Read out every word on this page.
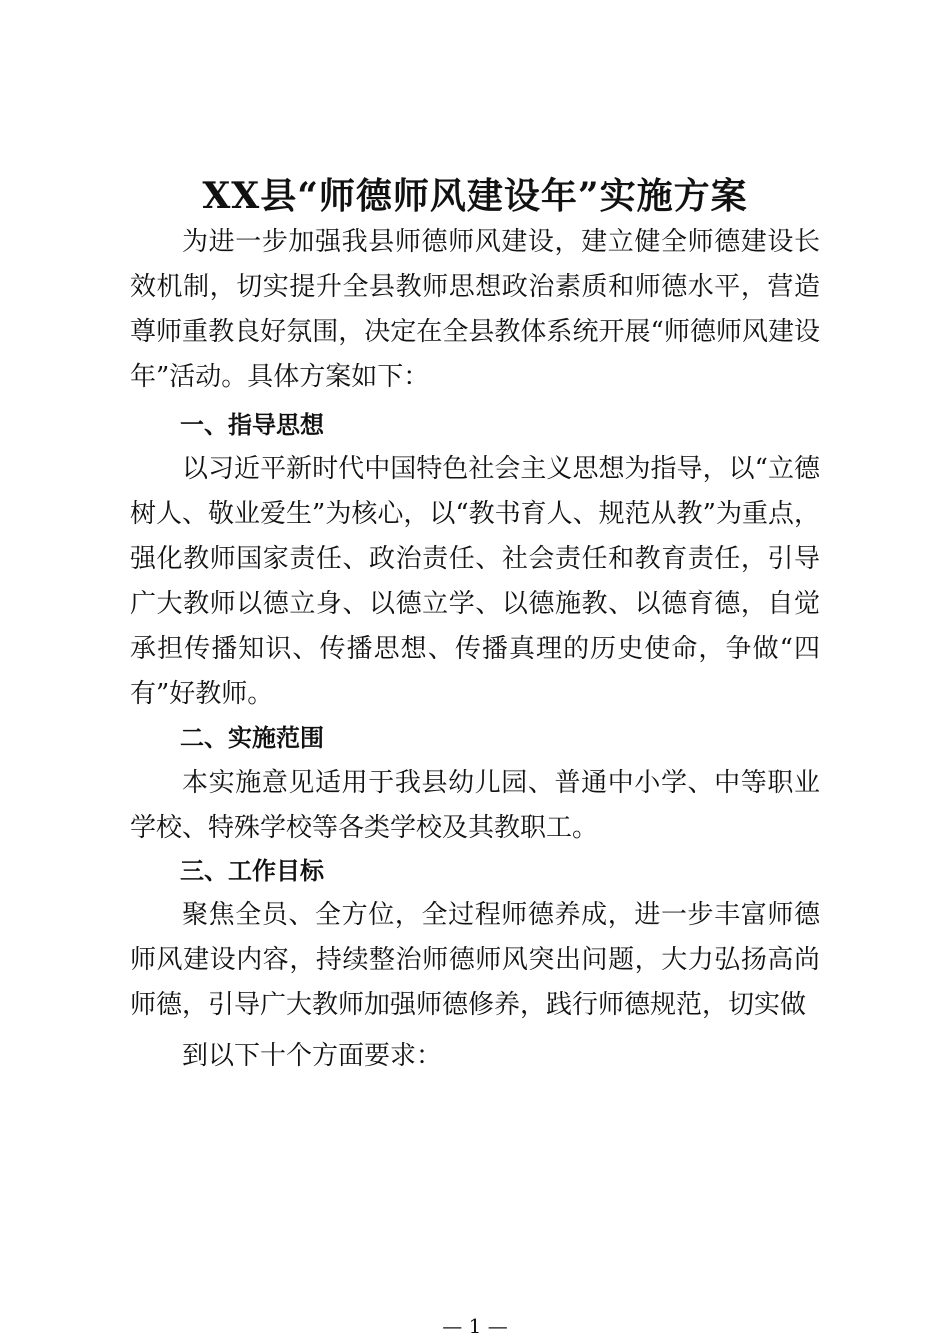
XX县“师德师风建设年”实施方案

为进一步加强我县师德师风建设，建立健全师德建设长效机制，切实提升全县教师思想政治素质和师德水平，营造尊师重教良好氛围，决定在全县教体系统开展“师德师风建设年”活动。具体方案如下：

一、指导思想

以习近平新时代中国特色社会主义思想为指导，以“立德树人、敬业爱生”为核心，以“教书育人、规范从教”为重点，强化教师国家责任、政治责任、社会责任和教育责任，引导广大教师以德立身、以德立学、以德施教、以德育德，自觉承担传播知识、传播思想、传播真理的历史使命，争做“四有”好教师。

二、实施范围

本实施意见适用于我县幼儿园、普通中小学、中等职业学校、特殊学校等各类学校及其教职工。

三、工作目标

聚焦全员、全方位，全过程师德养成，进一步丰富师德师风建设内容，持续整治师德师风突出问题，大力弘扬高尚师德，引导广大教师加强师德修养，践行师德规范，切实做

到以下十个方面要求：

— 1 —
